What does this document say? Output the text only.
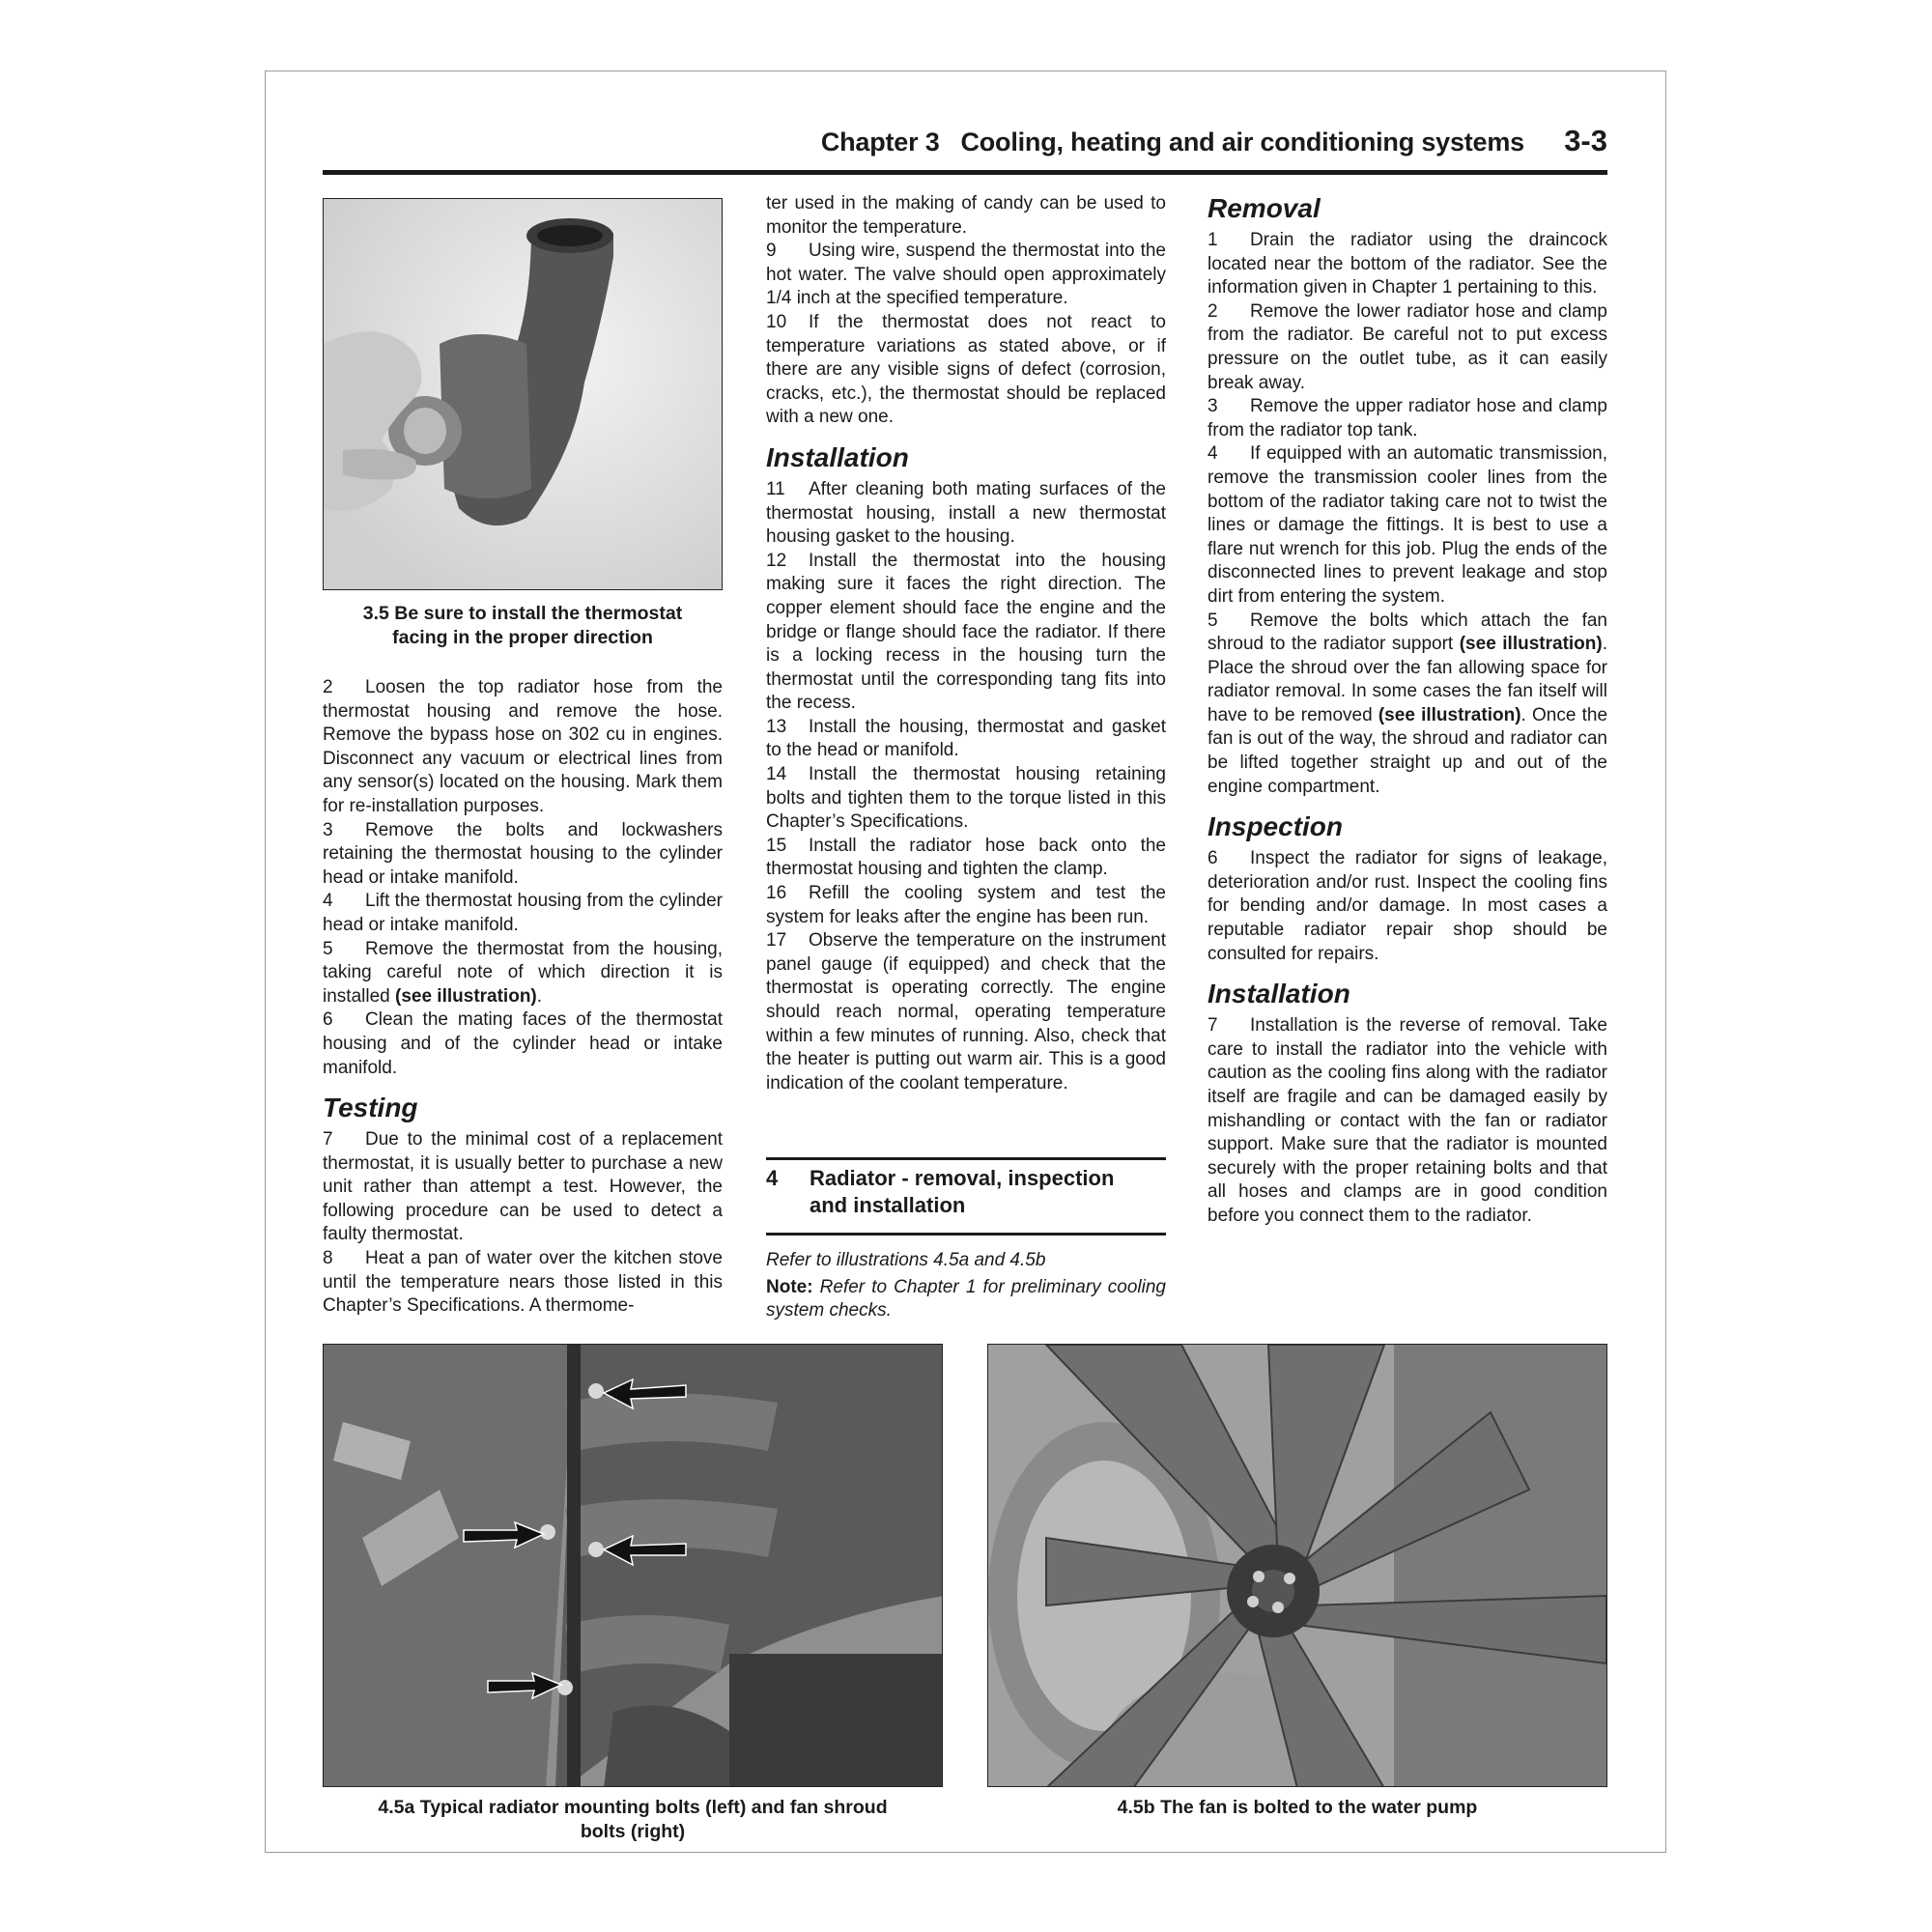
Chapter 3   Cooling, heating and air conditioning systems 3-3
3.5 Be sure to install the thermostat
facing in the proper direction

2 Loosen the top radiator hose from the thermostat housing and remove the hose. Remove the bypass hose on 302 cu in engines. Disconnect any vacuum or electrical lines from any sensor(s) located on the housing. Mark them for re-installation purposes.

3 Remove the bolts and lockwashers retaining the thermostat housing to the cylinder head or intake manifold.

4 Lift the thermostat housing from the cylinder head or intake manifold.

5 Remove the thermostat from the housing, taking careful note of which direction it is installed (see illustration).

6 Clean the mating faces of the thermostat housing and of the cylinder head or intake manifold.

Testing

7 Due to the minimal cost of a replacement thermostat, it is usually better to purchase a new unit rather than attempt a test. However, the following procedure can be used to detect a faulty thermostat.

8 Heat a pan of water over the kitchen stove until the temperature nears those listed in this Chapter’s Specifications. A thermome-

ter used in the making of candy can be used to monitor the temperature.

9 Using wire, suspend the thermostat into the hot water. The valve should open approximately 1/4 inch at the specified temperature.

10 If the thermostat does not react to temperature variations as stated above, or if there are any visible signs of defect (corrosion, cracks, etc.), the thermostat should be replaced with a new one.

Installation

11 After cleaning both mating surfaces of the thermostat housing, install a new thermostat housing gasket to the housing.

12 Install the thermostat into the housing making sure it faces the right direction. The copper element should face the engine and the bridge or flange should face the radiator. If there is a locking recess in the housing turn the thermostat until the corresponding tang fits into the recess.

13 Install the housing, thermostat and gasket to the head or manifold.

14 Install the thermostat housing retaining bolts and tighten them to the torque listed in this Chapter’s Specifications.

15 Install the radiator hose back onto the thermostat housing and tighten the clamp.

16 Refill the cooling system and test the system for leaks after the engine has been run.

17 Observe the temperature on the instrument panel gauge (if equipped) and check that the thermostat is operating correctly. The engine should reach normal, operating temperature within a few minutes of running. Also, check that the heater is putting out warm air. This is a good indication of the coolant temperature.

4 Radiator - removal, inspection
and installation

Refer to illustrations 4.5a and 4.5b

Note: Refer to Chapter 1 for preliminary cooling system checks.

Removal

1 Drain the radiator using the draincock located near the bottom of the radiator. See the information given in Chapter 1 pertaining to this.

2 Remove the lower radiator hose and clamp from the radiator. Be careful not to put excess pressure on the outlet tube, as it can easily break away.

3 Remove the upper radiator hose and clamp from the radiator top tank.

4 If equipped with an automatic transmission, remove the transmission cooler lines from the bottom of the radiator taking care not to twist the lines or damage the fittings. It is best to use a flare nut wrench for this job. Plug the ends of the disconnected lines to prevent leakage and stop dirt from entering the system.

5 Remove the bolts which attach the fan shroud to the radiator support (see illustration). Place the shroud over the fan allowing space for radiator removal. In some cases the fan itself will have to be removed (see illustration). Once the fan is out of the way, the shroud and radiator can be lifted together straight up and out of the engine compartment.

Inspection

6 Inspect the radiator for signs of leakage, deterioration and/or rust. Inspect the cooling fins for bending and/or damage. In most cases a reputable radiator repair shop should be consulted for repairs.

Installation

7 Installation is the reverse of removal. Take care to install the radiator into the vehicle with caution as the cooling fins along with the radiator itself are fragile and can be damaged easily by mishandling or contact with the fan or radiator support. Make sure that the radiator is mounted securely with the proper retaining bolts and that all hoses and clamps are in good condition before you connect them to the radiator.

4.5a Typical radiator mounting bolts (left) and fan shroud
bolts (right)
4.5b The fan is bolted to the water pump
